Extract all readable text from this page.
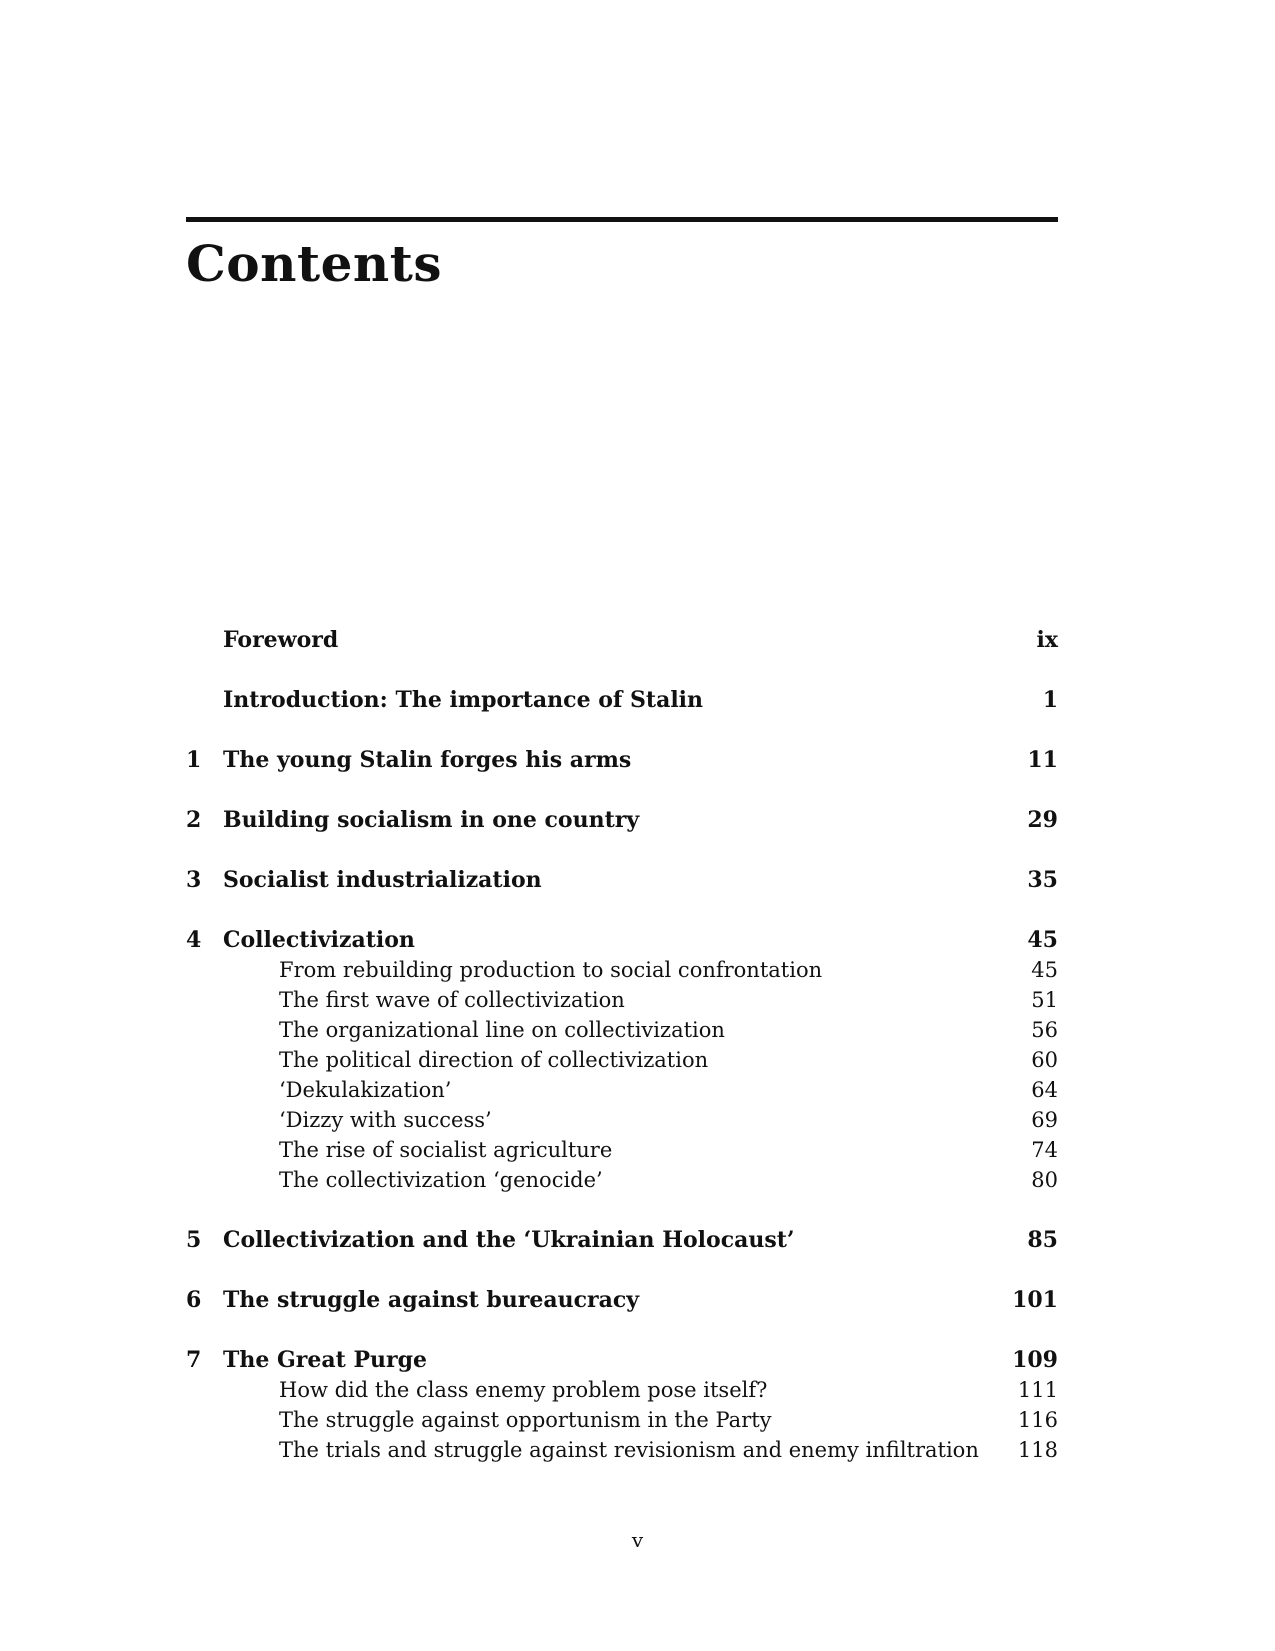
Contents
Foreword	ix
Introduction: The importance of Stalin	1
1 The young Stalin forges his arms	11
2 Building socialism in one country	29
3 Socialist industrialization	35
4 Collectivization	45
From rebuilding production to social confrontation	45
The first wave of collectivization	51
The organizational line on collectivization	56
The political direction of collectivization	60
‘Dekulakization’	64
‘Dizzy with success’	69
The rise of socialist agriculture	74
The collectivization ‘genocide’	80
5 Collectivization and the ‘Ukrainian Holocaust’	85
6 The struggle against bureaucracy	101
7 The Great Purge	109
How did the class enemy problem pose itself?	111
The struggle against opportunism in the Party	116
The trials and struggle against revisionism and enemy infiltration 118
v
